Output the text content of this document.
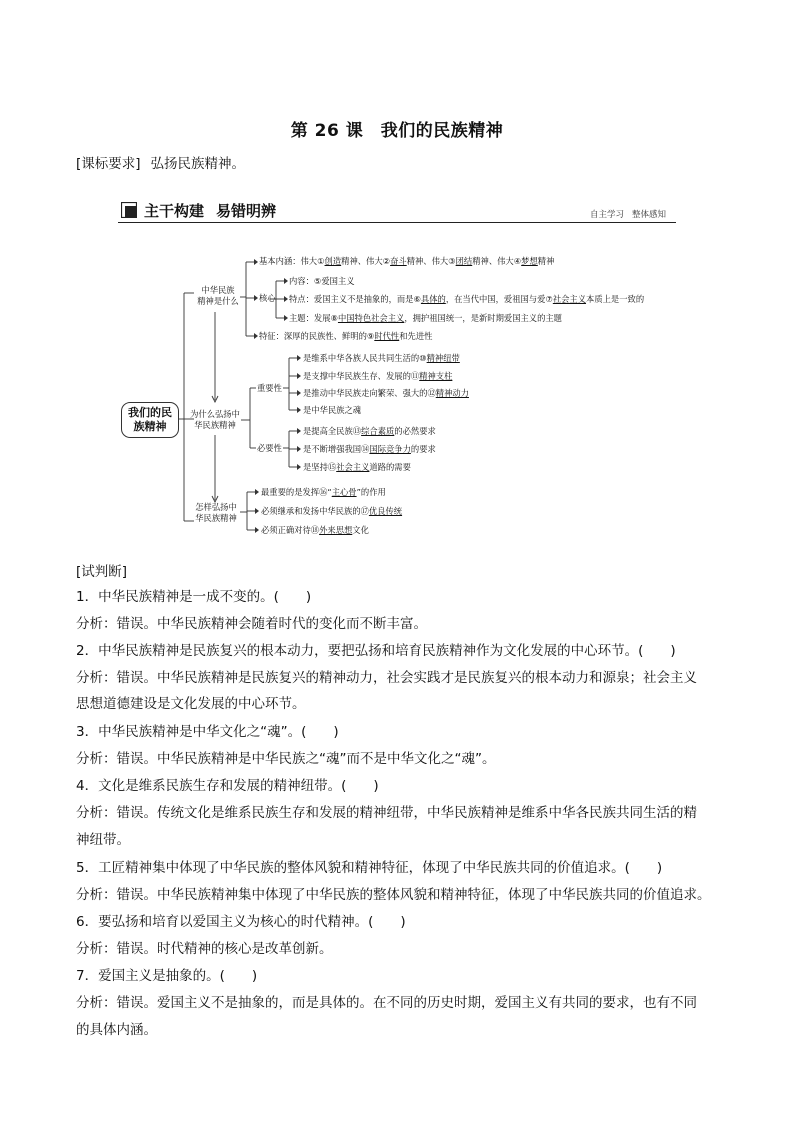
第 26 课　我们的民族精神
[课标要求] 弘扬民族精神。
主干构建 易错明辨	自主学习 整体感知
我们的民
族精神
中华民族
精神是什么
基本内涵：伟大①创造精神、伟大②奋斗精神、伟大③团结精神、伟大④梦想精神
核心
内容：⑤爱国主义
特点：爱国主义不是抽象的，而是⑥具体的，在当代中国，爱祖国与爱⑦社会主义本质上是一致的
主题：发展⑧中国特色社会主义，拥护祖国统一，是新时期爱国主义的主题
特征：深厚的民族性、鲜明的⑨时代性和先进性
为什么弘扬中
华民族精神
重要性
是维系中华各族人民共同生活的⑩精神纽带
是支撑中华民族生存、发展的⑪精神支柱
是推动中华民族走向繁荣、强大的⑫精神动力
是中华民族之魂
必要性
是提高全民族⑬综合素质的必然要求
是不断增强我国⑭国际竞争力的要求
是坚持⑮社会主义道路的需要
怎样弘扬中
华民族精神
最重要的是发挥⑯“主心骨”的作用
必须继承和发扬中华民族的⑰优良传统
必须正确对待⑱外来思想文化
[试判断]
1．中华民族精神是一成不变的。(　　)
分析：错误。中华民族精神会随着时代的变化而不断丰富。
2．中华民族精神是民族复兴的根本动力，要把弘扬和培育民族精神作为文化发展的中心环节。(　　)
分析：错误。中华民族精神是民族复兴的精神动力，社会实践才是民族复兴的根本动力和源泉；社会主义
思想道德建设是文化发展的中心环节。
3．中华民族精神是中华文化之“魂”。(　　)
分析：错误。中华民族精神是中华民族之“魂”而不是中华文化之“魂”。
4．文化是维系民族生存和发展的精神纽带。(　　)
分析：错误。传统文化是维系民族生存和发展的精神纽带，中华民族精神是维系中华各民族共同生活的精
神纽带。
5．工匠精神集中体现了中华民族的整体风貌和精神特征，体现了中华民族共同的价值追求。(　　)
分析：错误。中华民族精神集中体现了中华民族的整体风貌和精神特征，体现了中华民族共同的价值追求。
6．要弘扬和培育以爱国主义为核心的时代精神。(　　)
分析：错误。时代精神的核心是改革创新。
7．爱国主义是抽象的。(　　)
分析：错误。爱国主义不是抽象的，而是具体的。在不同的历史时期，爱国主义有共同的要求，也有不同
的具体内涵。
